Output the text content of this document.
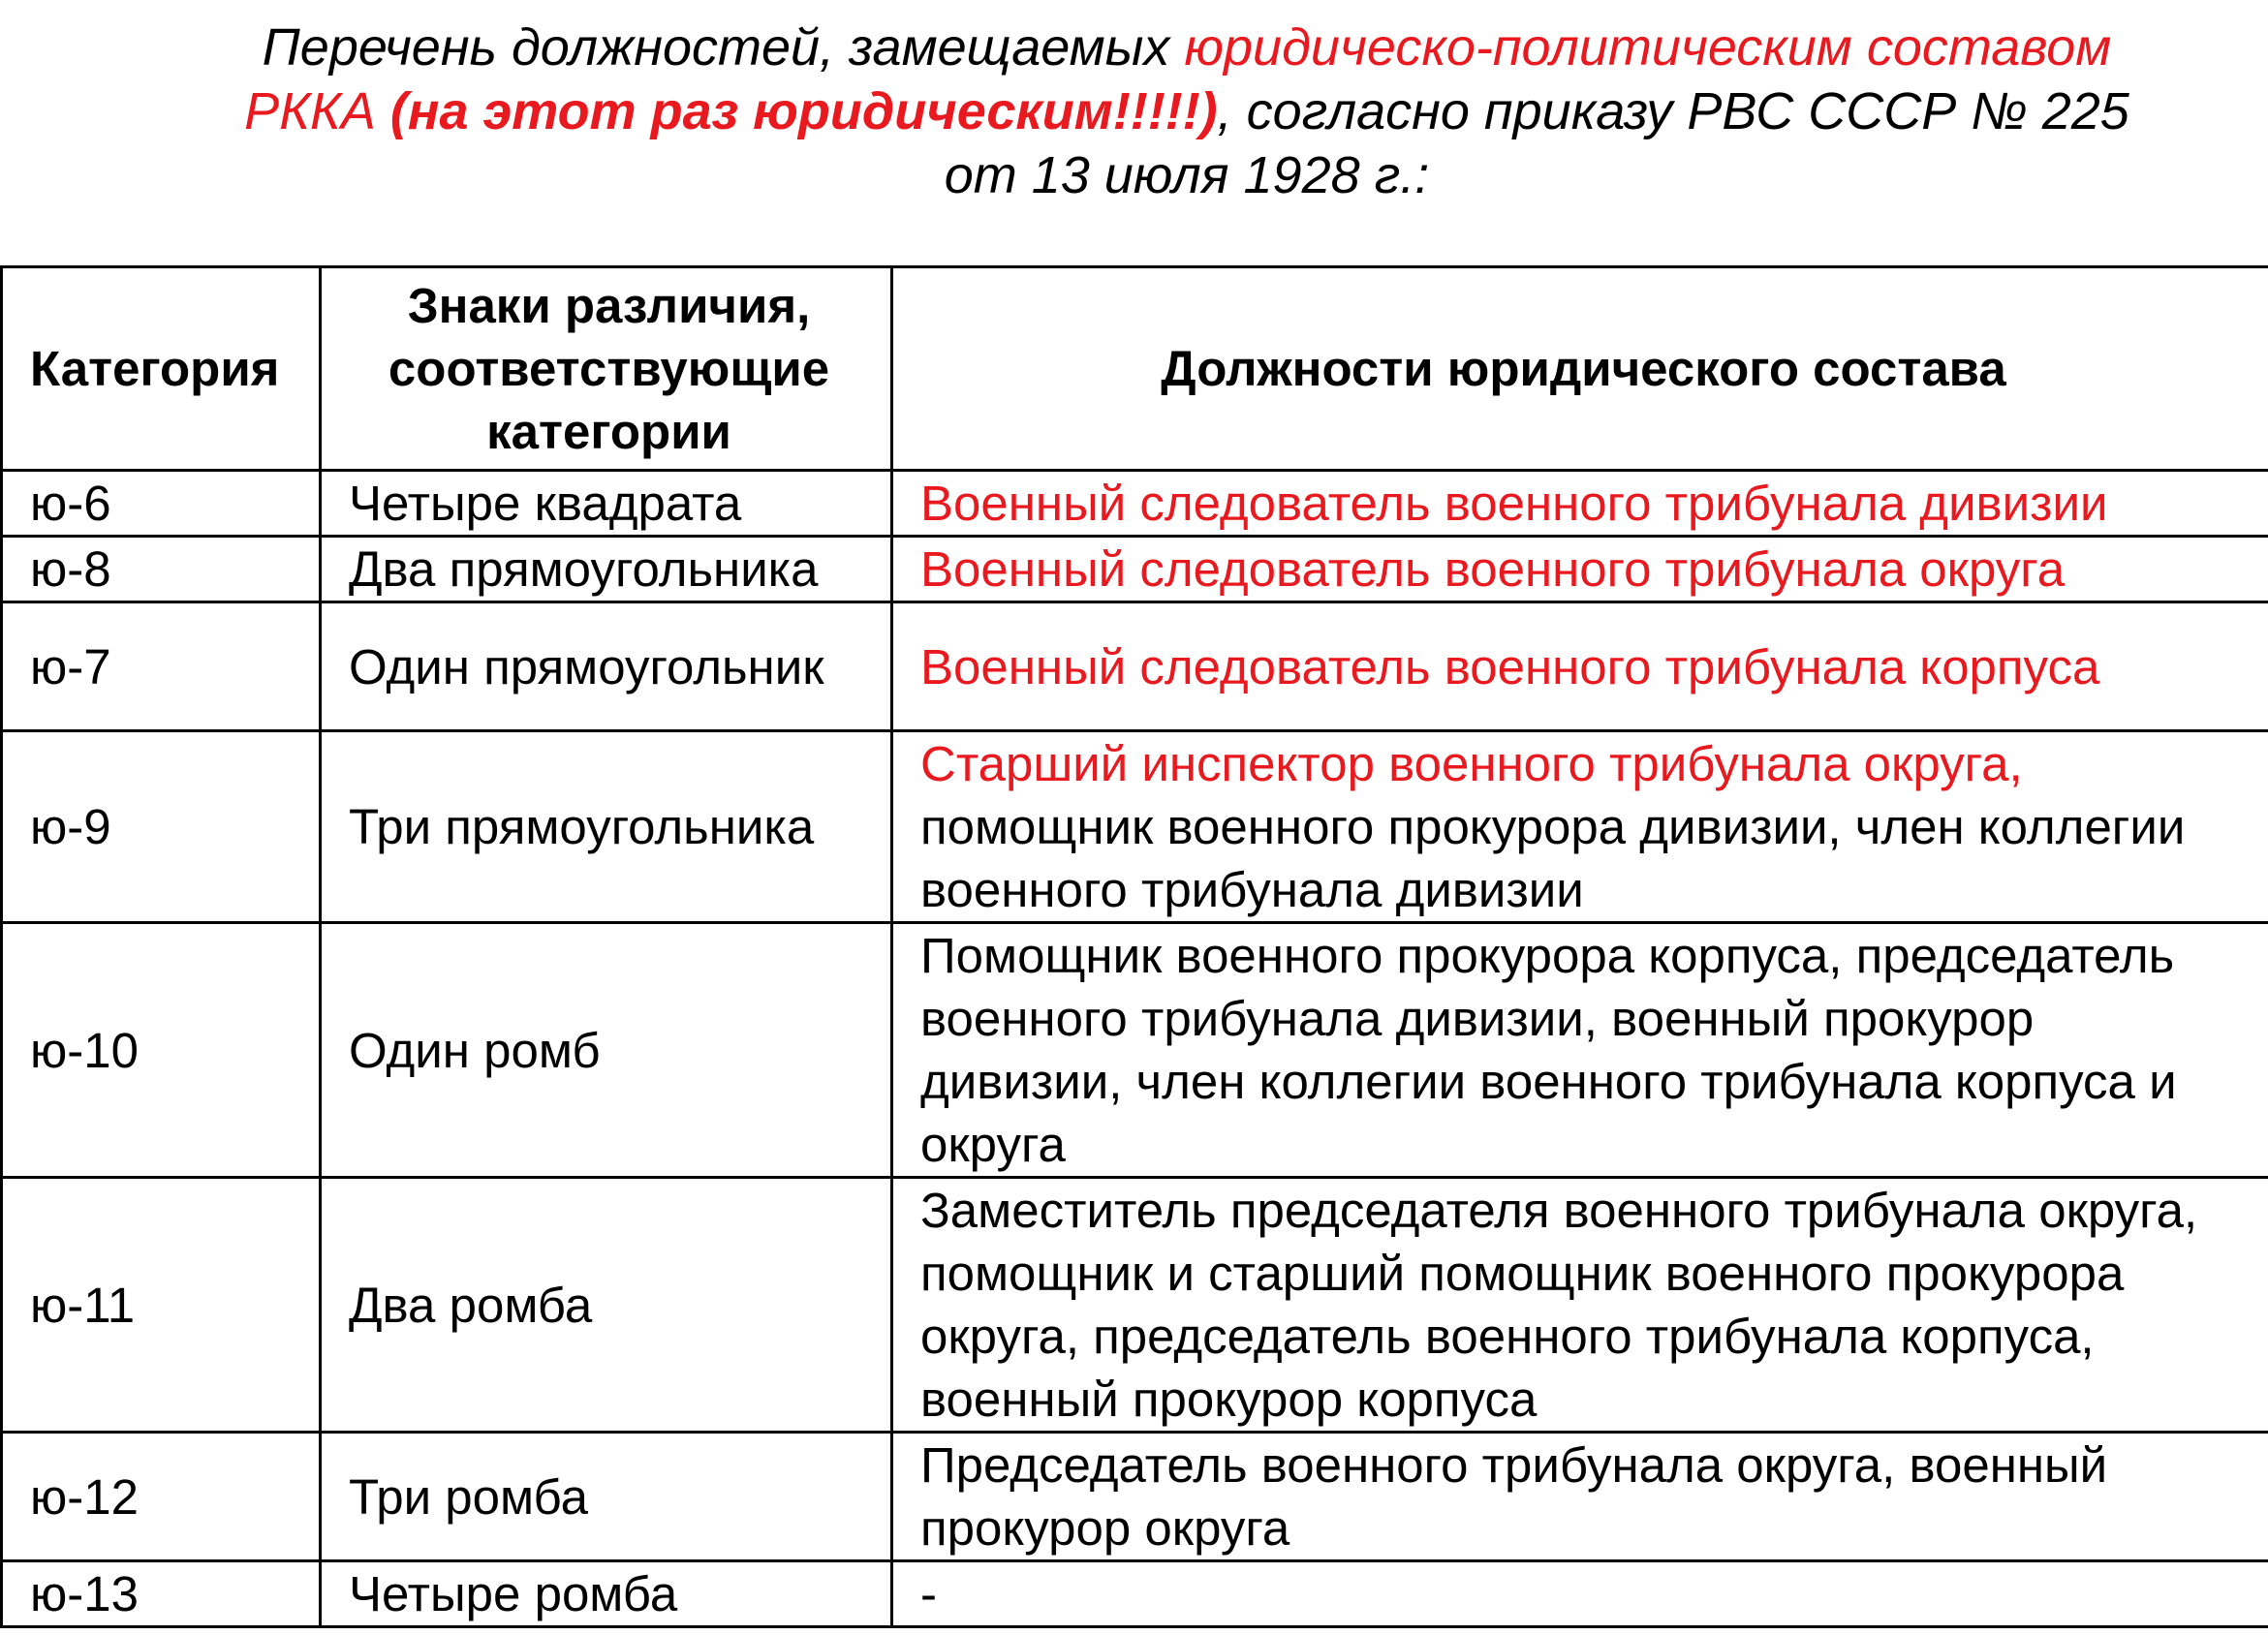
Перечень должностей, замещаемых юридическо-политическим составом РККА (на этот раз юридическим!!!!!), согласно приказу РВС СССР № 225 от 13 июля 1928 г.:
Категория	Знаки различия, соответствующие категории	Должности юридического состава
ю-6	Четыре квадрата	Военный следователь военного трибунала дивизии
ю-8	Два прямоугольника	Военный следователь военного трибунала округа
ю-7	Один прямоугольник	Военный следователь военного трибунала корпуса
ю-9	Три прямоугольника	Старший инспектор военного трибунала округа, помощник военного прокурора дивизии, член коллегии военного трибунала дивизии
ю-10	Один ромб	Помощник военного прокурора корпуса, председатель военного трибунала дивизии, военный прокурор дивизии, член коллегии военного трибунала корпуса и округа
ю-11	Два ромба	Заместитель председателя военного трибунала округа, помощник и старший помощник военного прокурора округа, председатель военного трибунала корпуса, военный прокурор корпуса
ю-12	Три ромба	Председатель военного трибунала округа, военный прокурор округа
ю-13	Четыре ромба	-
